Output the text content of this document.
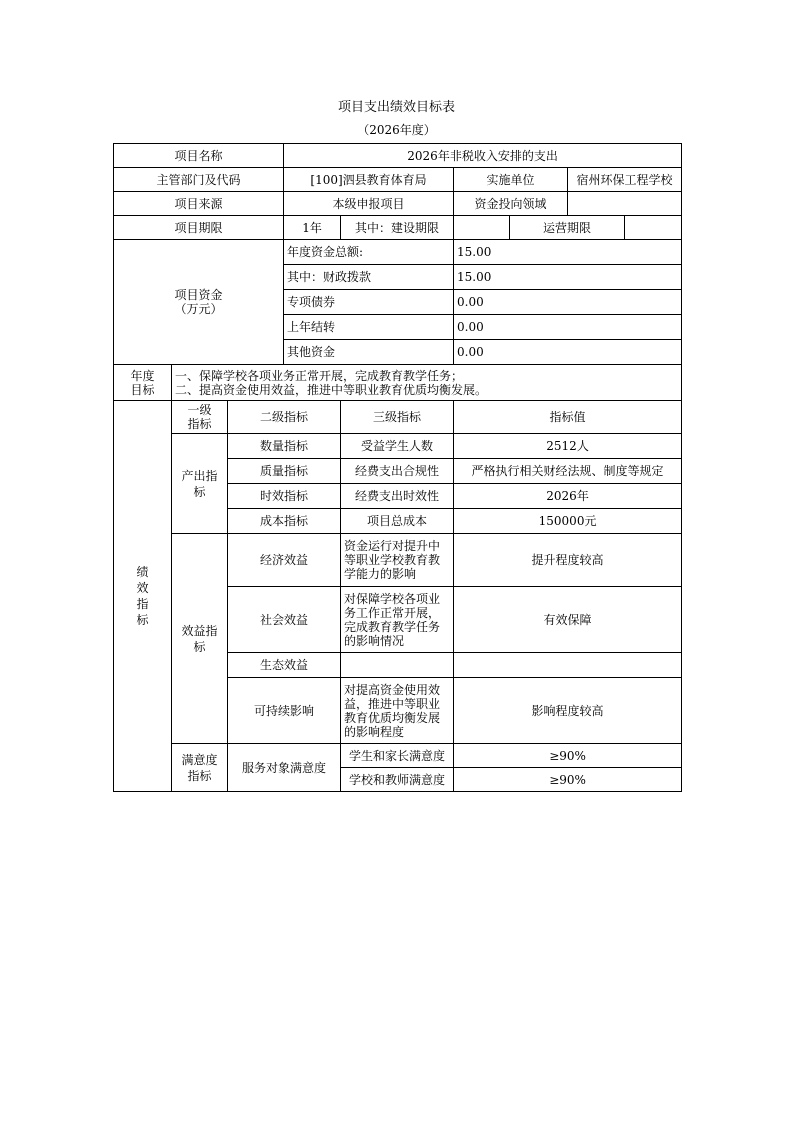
项目支出绩效目标表
（2026年度）
项目名称			2026年非税收入安排的支出					
主管部门及代码			[100]泗县教育体育局		实施单位		宿州环保工程学校	
项目来源			本级申报项目		资金投向领域			
项目期限			1年	其中：建设期限		运营期限		
项目资金（万元）			年度资金总额:		15.00			
			其中：财政拨款		15.00			
			专项债券		0.00			
			上年结转		0.00			
			其他资金		0.00			
年度目标	一、保障学校各项业务正常开展，完成教育教学任务；
二、提高资金使用效益，推进中等职业教育优质均衡发展。							

绩效指标	一级指标	二级指标		三级指标	指标值			
	产出指标	数量指标		受益学生人数	2512人			
		质量指标		经费支出合规性	严格执行相关财经法规、制度等规定			
		时效指标		经费支出时效性	2026年			
		成本指标		项目总成本	150000元			
	效益指标	经济效益		资金运行对提升中等职业学校教育教学能力的影响	提升程度较高			
		社会效益		对保障学校各项业务工作正常开展，完成教育教学任务的影响情况	有效保障			
		生态效益						
		可持续影响		对提高资金使用效益，推进中等职业教育优质均衡发展的影响程度	影响程度较高			
	满意度指标	服务对象满意度		学生和家长满意度	≥90%			
				学校和教师满意度	≥90%			
